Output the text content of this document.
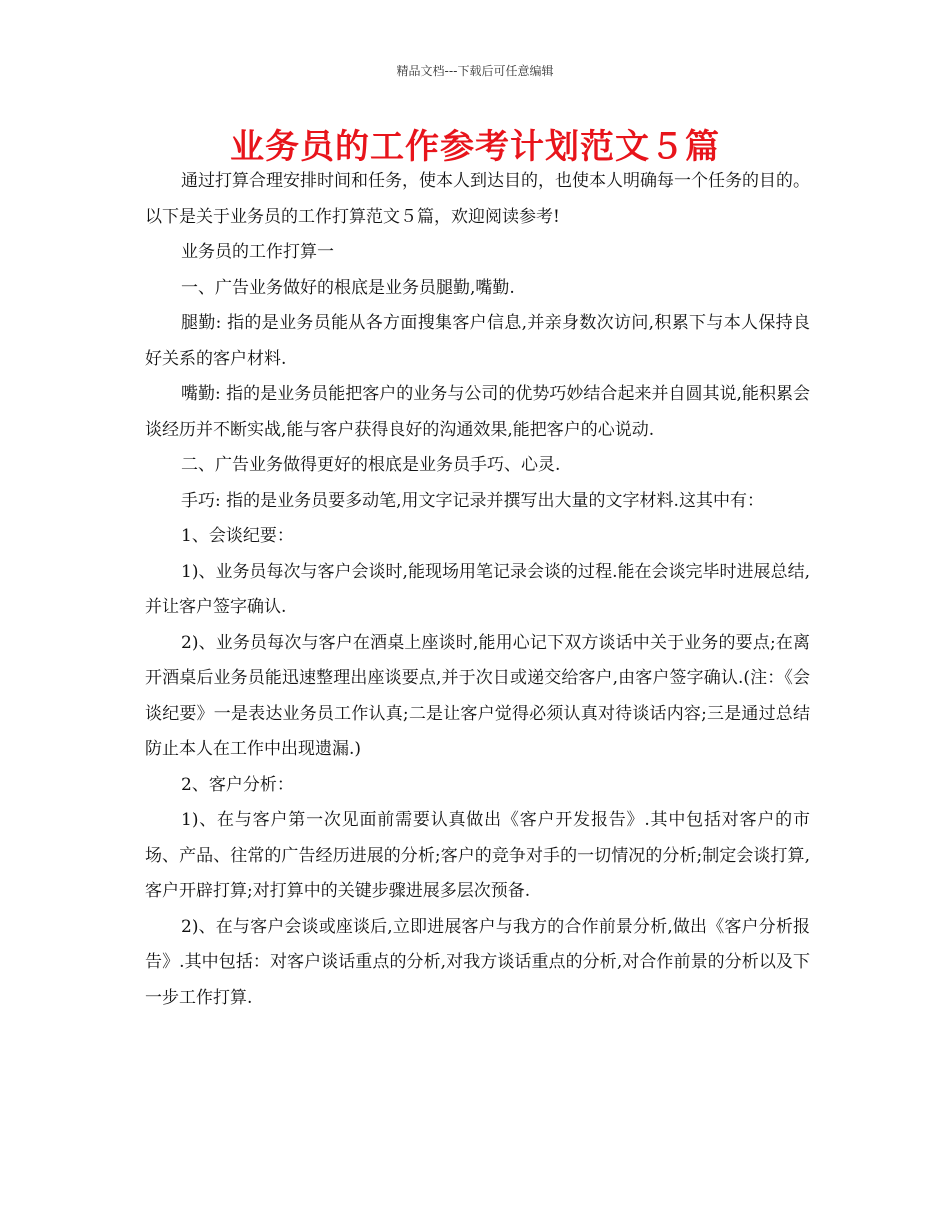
精品文档---下载后可任意编辑
业务员的工作参考计划范文５篇

通过打算合理安排时间和任务，使本人到达目的，也使本人明确每一个任务的目的。以下是关于业务员的工作打算范文５篇，欢迎阅读参考!

业务员的工作打算一

一、广告业务做好的根底是业务员腿勤,嘴勤.

腿勤: 指的是业务员能从各方面搜集客户信息,并亲身数次访问,积累下与本人保持良好关系的客户材料.

嘴勤: 指的是业务员能把客户的业务与公司的优势巧妙结合起来并自圆其说,能积累会谈经历并不断实战,能与客户获得良好的沟通效果,能把客户的心说动.

二、广告业务做得更好的根底是业务员手巧、心灵.

手巧: 指的是业务员要多动笔,用文字记录并撰写出大量的文字材料.这其中有：

1、会谈纪要：

1)、业务员每次与客户会谈时,能现场用笔记录会谈的过程.能在会谈完毕时进展总结,并让客户签字确认.

2)、业务员每次与客户在酒桌上座谈时,能用心记下双方谈话中关于业务的要点;在离开酒桌后业务员能迅速整理出座谈要点,并于次日或递交给客户,由客户签字确认.(注：《会谈纪要》一是表达业务员工作认真;二是让客户觉得必须认真对待谈话内容;三是通过总结防止本人在工作中出现遗漏.)

2、客户分析：

1)、在与客户第一次见面前需要认真做出《客户开发报告》.其中包括对客户的市场、产品、往常的广告经历进展的分析;客户的竞争对手的一切情况的分析;制定会谈打算,客户开辟打算;对打算中的关键步骤进展多层次预备.

2)、在与客户会谈或座谈后,立即进展客户与我方的合作前景分析,做出《客户分析报告》.其中包括：对客户谈话重点的分析,对我方谈话重点的分析,对合作前景的分析以及下一步工作打算.
